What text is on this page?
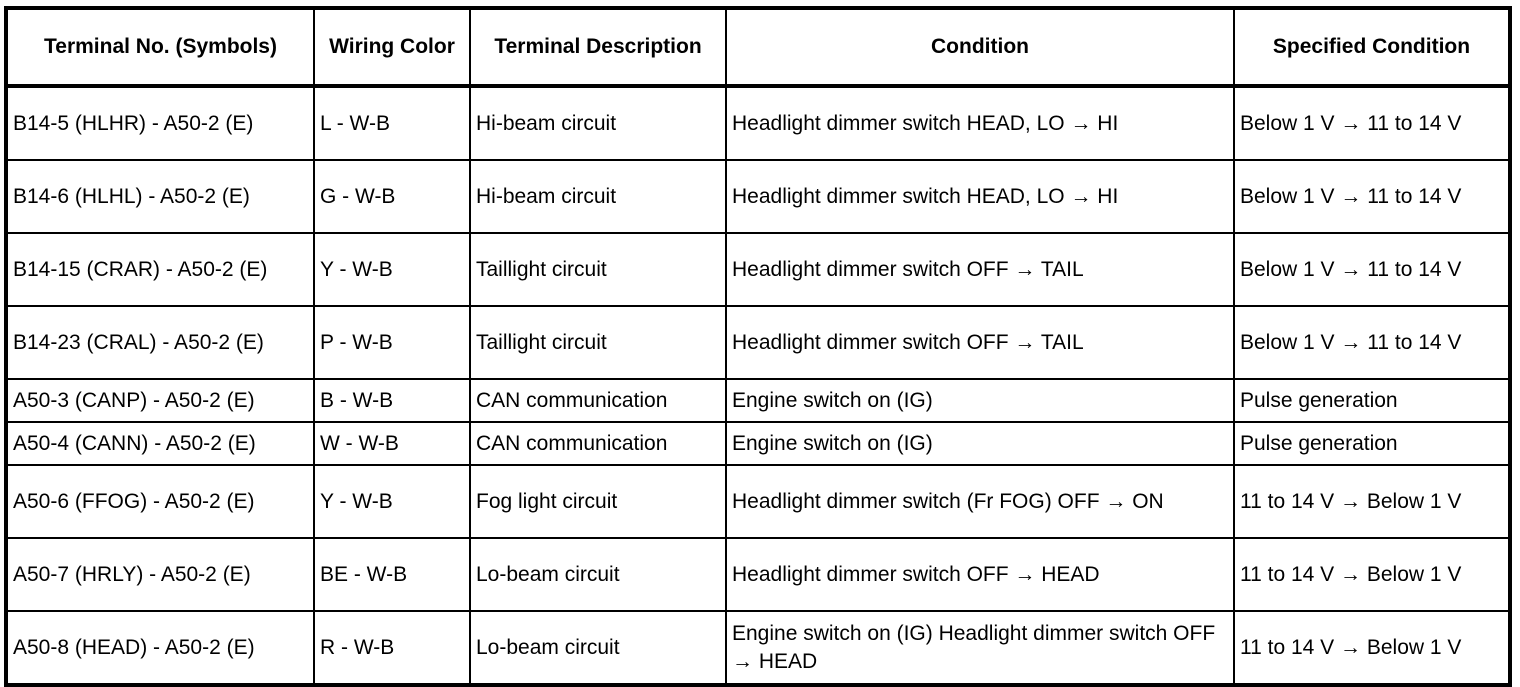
Terminal No. (Symbols)	Wiring Color	Terminal Description	Condition	Specified Condition
B14-5 (HLHR) - A50-2 (E)	L - W-B	Hi-beam circuit	Headlight dimmer switch HEAD, LO → HI	Below 1 V → 11 to 14 V
B14-6 (HLHL) - A50-2 (E)	G - W-B	Hi-beam circuit	Headlight dimmer switch HEAD, LO → HI	Below 1 V → 11 to 14 V
B14-15 (CRAR) - A50-2 (E)	Y - W-B	Taillight circuit	Headlight dimmer switch OFF → TAIL	Below 1 V → 11 to 14 V
B14-23 (CRAL) - A50-2 (E)	P - W-B	Taillight circuit	Headlight dimmer switch OFF → TAIL	Below 1 V → 11 to 14 V
A50-3 (CANP) - A50-2 (E)	B - W-B	CAN communication	Engine switch on (IG)	Pulse generation
A50-4 (CANN) - A50-2 (E)	W - W-B	CAN communication	Engine switch on (IG)	Pulse generation
A50-6 (FFOG) - A50-2 (E)	Y - W-B	Fog light circuit	Headlight dimmer switch (Fr FOG) OFF → ON	11 to 14 V → Below 1 V
A50-7 (HRLY) - A50-2 (E)	BE - W-B	Lo-beam circuit	Headlight dimmer switch OFF → HEAD	11 to 14 V → Below 1 V
A50-8 (HEAD) - A50-2 (E)	R - W-B	Lo-beam circuit	Engine switch on (IG) Headlight dimmer switch OFF → HEAD	11 to 14 V → Below 1 V
